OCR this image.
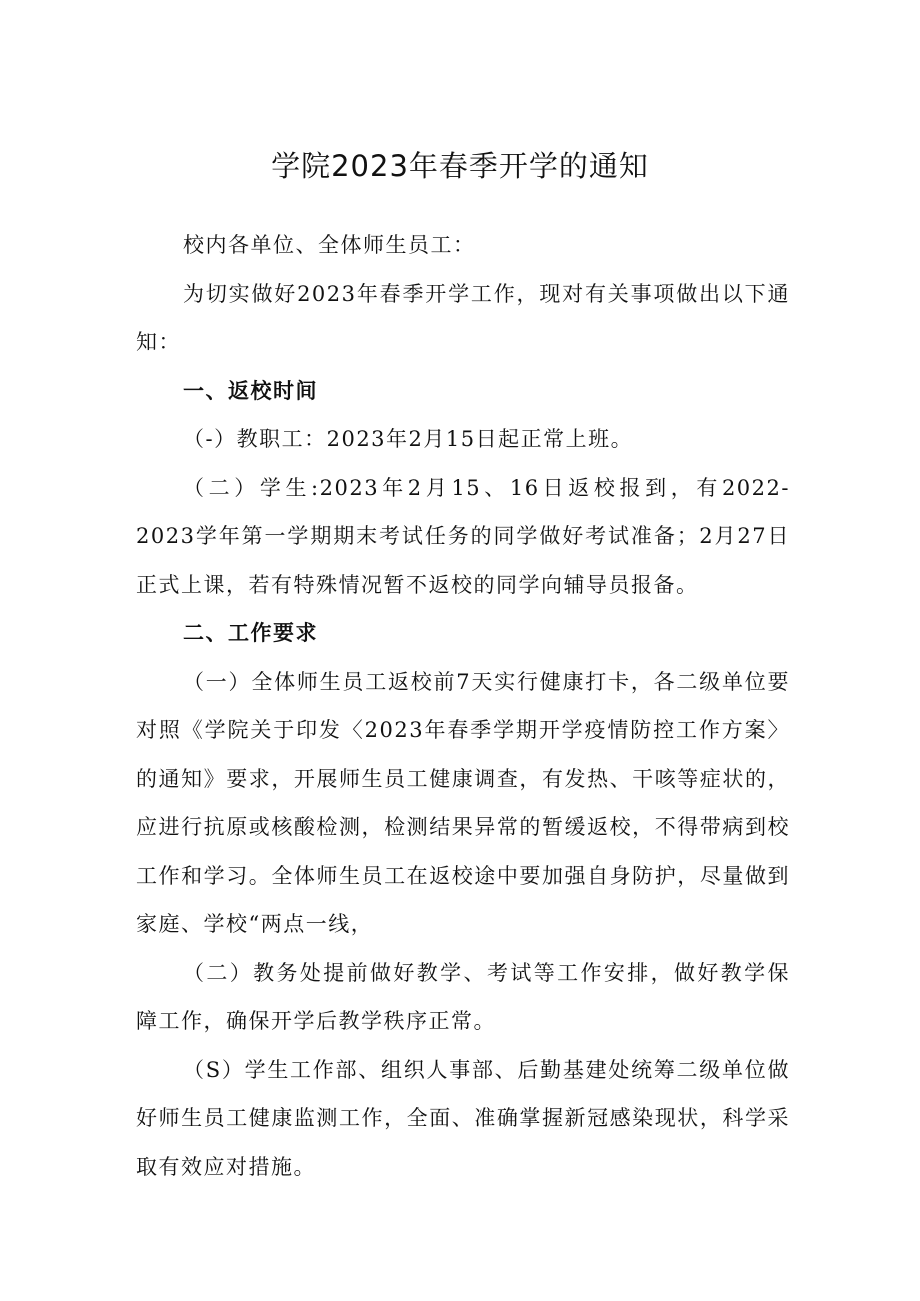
学院2023年春季开学的通知

校内各单位、全体师生员工：

为切实做好2023年春季开学工作，现对有关事项做出以下通知：

一、返校时间

（-）教职工：2023年2月15日起正常上班。

（二）学生:2023年2月15、16日返校报到，有2022-2023学年第一学期期末考试任务的同学做好考试准备；2月27日正式上课，若有特殊情况暂不返校的同学向辅导员报备。

二、工作要求

（一）全体师生员工返校前7天实行健康打卡，各二级单位要对照《学院关于印发〈2023年春季学期开学疫情防控工作方案〉的通知》要求，开展师生员工健康调查，有发热、干咳等症状的，应进行抗原或核酸检测，检测结果异常的暂缓返校，不得带病到校工作和学习。全体师生员工在返校途中要加强自身防护，尽量做到家庭、学校“两点一线，

（二）教务处提前做好教学、考试等工作安排，做好教学保障工作，确保开学后教学秩序正常。

（S）学生工作部、组织人事部、后勤基建处统筹二级单位做好师生员工健康监测工作，全面、准确掌握新冠感染现状，科学采取有效应对措施。
